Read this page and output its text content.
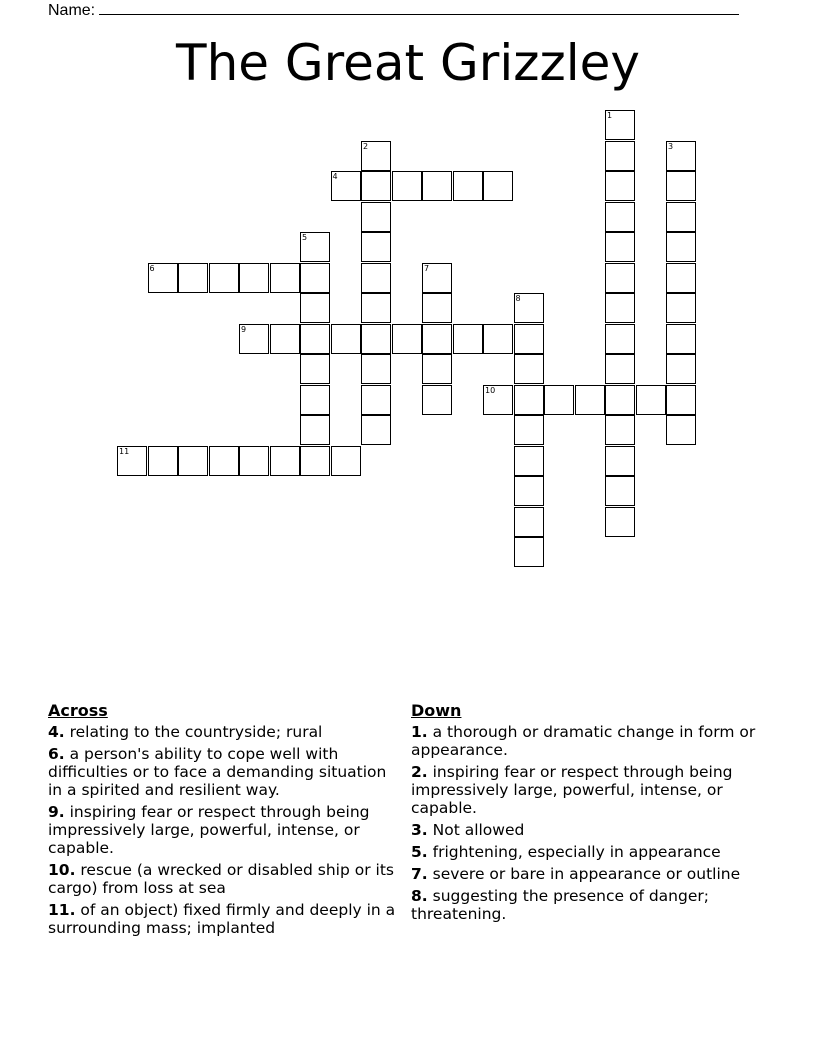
Name:
The Great Grizzley
1
2	3
4
5
6	7
8
9
10
11
Across
4. relating to the countryside; rural
6. a person's ability to cope well with difficulties or to face a demanding situation in a spirited and resilient way.
9. inspiring fear or respect through being impressively large, powerful, intense, or capable.
10. rescue (a wrecked or disabled ship or its cargo) from loss at sea
11. of an object) fixed firmly and deeply in a surrounding mass; implanted
Down
1. a thorough or dramatic change in form or appearance.
2. inspiring fear or respect through being impressively large, powerful, intense, or capable.
3. Not allowed
5. frightening, especially in appearance
7. severe or bare in appearance or outline
8. suggesting the presence of danger; threatening.
